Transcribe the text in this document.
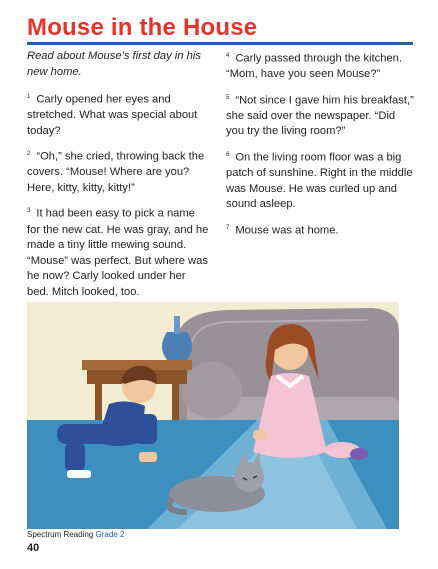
Mouse in the House

Read about Mouse’s first day in his new home.

$^1$ Carly opened her eyes and stretched. What was special about today?

$^2$ “Oh,” she cried, throwing back the covers. “Mouse! Where are you? Here, kitty, kitty, kitty!”

$^3$ It had been easy to pick a name for the new cat. He was gray, and he made a tiny little mewing sound. “Mouse” was perfect. But where was he now? Carly looked under her bed. Mitch looked, too.

$^4$ Carly passed through the kitchen. “Mom, have you seen Mouse?”

$^5$ “Not since I gave him his breakfast,” she said over the newspaper. “Did you try the living room?”

$^6$ On the living room floor was a big patch of sunshine. Right in the middle was Mouse. He was curled up and sound asleep.

$^7$ Mouse was at home.

Spectrum Reading Grade 2
40
